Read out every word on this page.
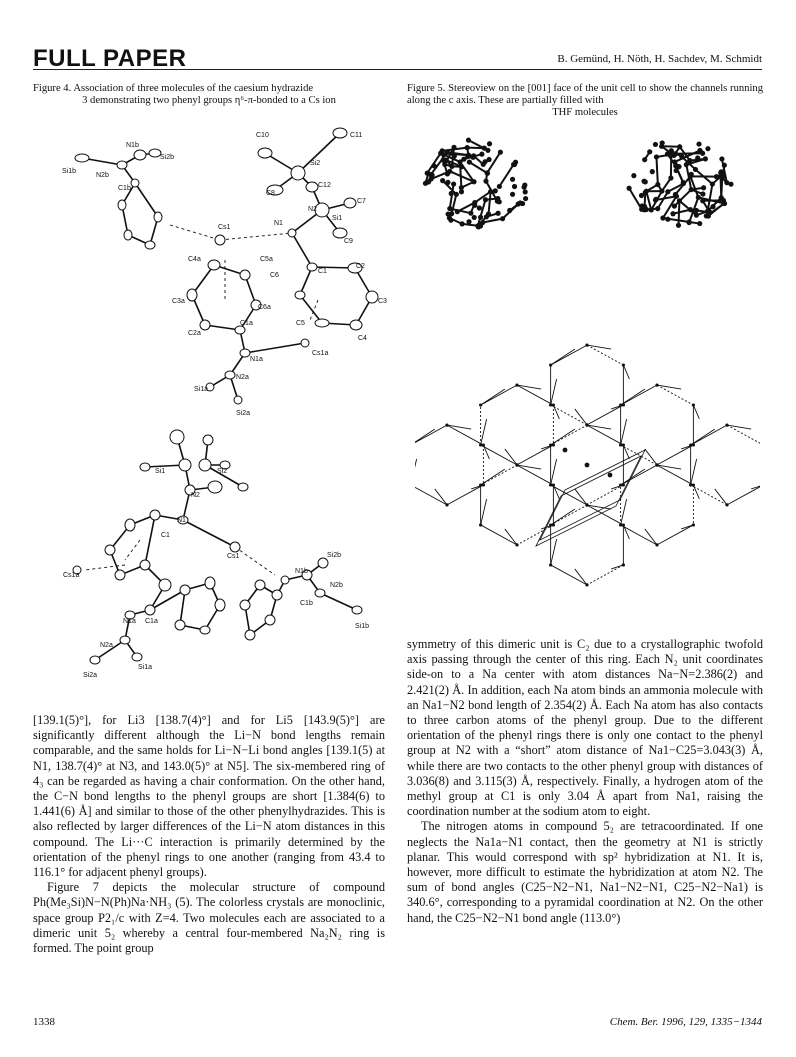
FULL PAPER	B. Gemünd, H. Nöth, H. Sachdev, M. Schmidt
Figure 4. Association of three molecules of the caesium hydrazide
3 demonstrating two phenyl groups η⁶-π-bonded to a Cs ion
Figure 5. Stereoview on the [001] face of the unit cell to show the channels running along the c axis. These are partially filled with
THF molecules
N1b
Si2b
Si1b
N2b
C1b
C10	C11
Si2
C12
C8
N2
Si1
C7
Cs1
N1
C9
C4a	C5a
C6
C1
C2
C3a
C6a
C3
C2a
C1a	C5
C4
N1a
Cs1a
N2a
Si1a
Si2a
Si1	Si2
N2
N1
C1
Cs1	Si2b
N1b
N2b
C1b
Si1b
Cs1a
N1a C1a
N2a
Si1a
Si2a

[139.1(5)°], for Li3 [138.7(4)°] and for Li5 [143.9(5)°] are significantly different although the Li−N bond lengths remain comparable, and the same holds for Li−N−Li bond angles [139.1(5) at N1, 138.7(4)° at N3, and 143.0(5)° at N5]. The six-membered ring of 4₃ can be regarded as having a chair conformation. On the other hand, the C−N bond lengths to the phenyl groups are short [1.384(6) to 1.441(6) Å] and similar to those of the other phenylhydrazides. This is also reflected by larger differences of the Li−N atom distances in this compound. The Li···C interaction is primarily determined by the orientation of the phenyl rings to one another (ranging from 43.4 to 116.1° for adjacent phenyl groups).

Figure 7 depicts the molecular structure of compound Ph(Me₃Si)N−N(Ph)Na·NH₃ (5). The colorless crystals are monoclinic, space group P2₁/c with Z=4. Two molecules each are associated to a dimeric unit 5₂ whereby a central four-membered Na₂N₂ ring is formed. The point group

symmetry of this dimeric unit is C₂ due to a crystallographic twofold axis passing through the center of this ring. Each N₂ unit coordinates side-on to a Na center with atom distances Na−N=2.386(2) and 2.421(2) Å. In addition, each Na atom binds an ammonia molecule with an Na1−N2 bond length of 2.354(2) Å. Each Na atom has also contacts to three carbon atoms of the phenyl group. Due to the different orientation of the phenyl rings there is only one contact to the phenyl group at N2 with a “short” atom distance of Na1−C25=3.043(3) Å, while there are two contacts to the other phenyl group with distances of 3.036(8) and 3.115(3) Å, respectively. Finally, a hydrogen atom of the methyl group at C1 is only 3.04 Å apart from Na1, raising the coordination number at the sodium atom to eight.

The nitrogen atoms in compound 5₂ are tetracoordinated. If one neglects the Na1a−N1 contact, then the geometry at N1 is strictly planar. This would correspond with sp² hybridization at N1. It is, however, more difficult to estimate the hybridization at atom N2. The sum of bond angles (C25−N2−N1, Na1−N2−N1, C25−N2−Na1) is 340.6°, corresponding to a pyramidal coordination at N2. On the other hand, the C25−N2−N1 bond angle (113.0°)

1338	Chem. Ber. 1996, 129, 1335−1344
